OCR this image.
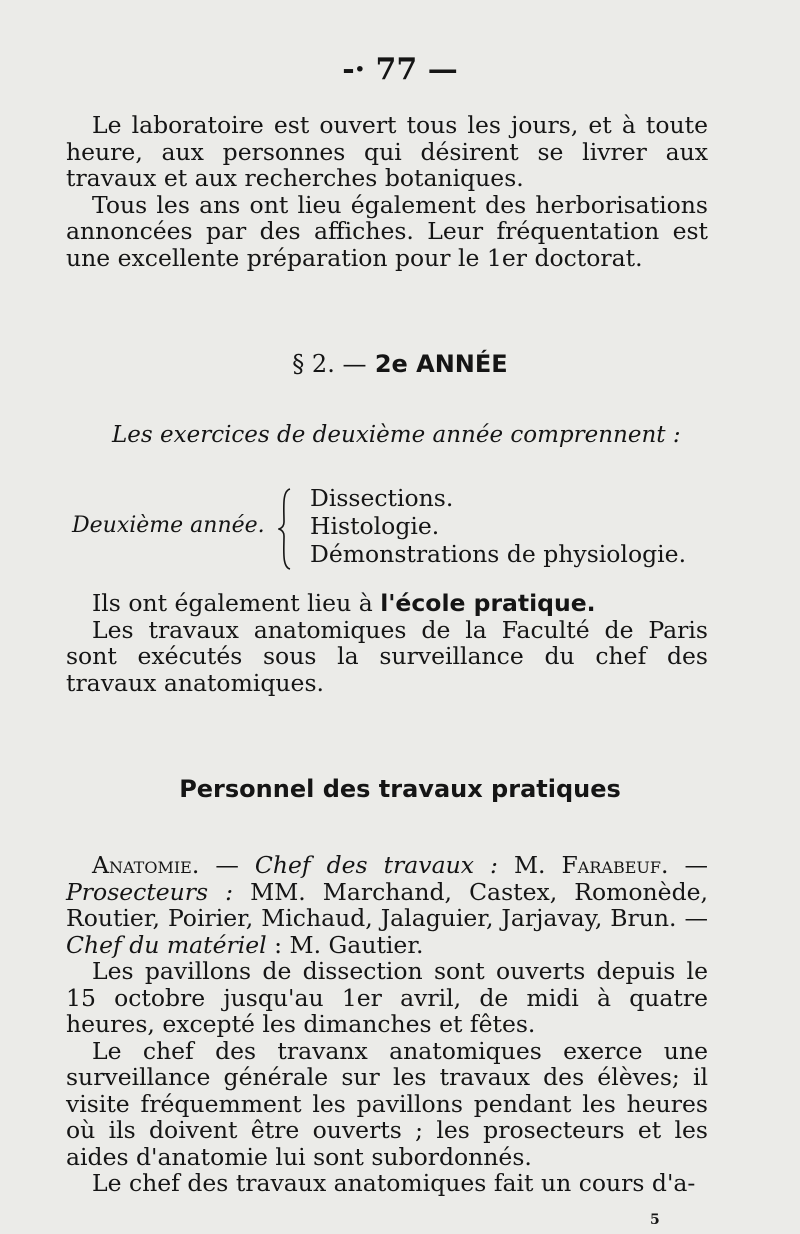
-· 77 —

Le laboratoire est ouvert tous les jours, et à toute heure, aux personnes qui désirent se livrer aux travaux et aux recherches botaniques.

Tous les ans ont lieu également des herborisations annoncées par des affiches. Leur fréquentation est une excellente préparation pour le 1er doctorat.

§ 2. — 2e ANNÉE
Les exercices de deuxième année comprennent :
Deuxième année.
Dissections.
Histologie.
Démonstrations de physiologie.

Ils ont également lieu à l'école pratique.

Les travaux anatomiques de la Faculté de Paris sont exécutés sous la surveillance du chef des travaux anatomiques.

Personnel des travaux pratiques

Anatomie. — Chef des travaux : M. Farabeuf. — Prosecteurs : MM. Marchand, Castex, Romonède, Routier, Poirier, Michaud, Jalaguier, Jarjavay, Brun. — Chef du matériel : M. Gautier.

Les pavillons de dissection sont ouverts depuis le 15 octobre jusqu'au 1er avril, de midi à quatre heures, excepté les dimanches et fêtes.

Le chef des travanx anatomiques exerce une surveillance générale sur les travaux des élèves; il visite fréquemment les pavillons pendant les heures où ils doivent être ouverts ; les prosecteurs et les aides d'anatomie lui sont subordonnés.

Le chef des travaux anatomiques fait un cours d'a-

5
